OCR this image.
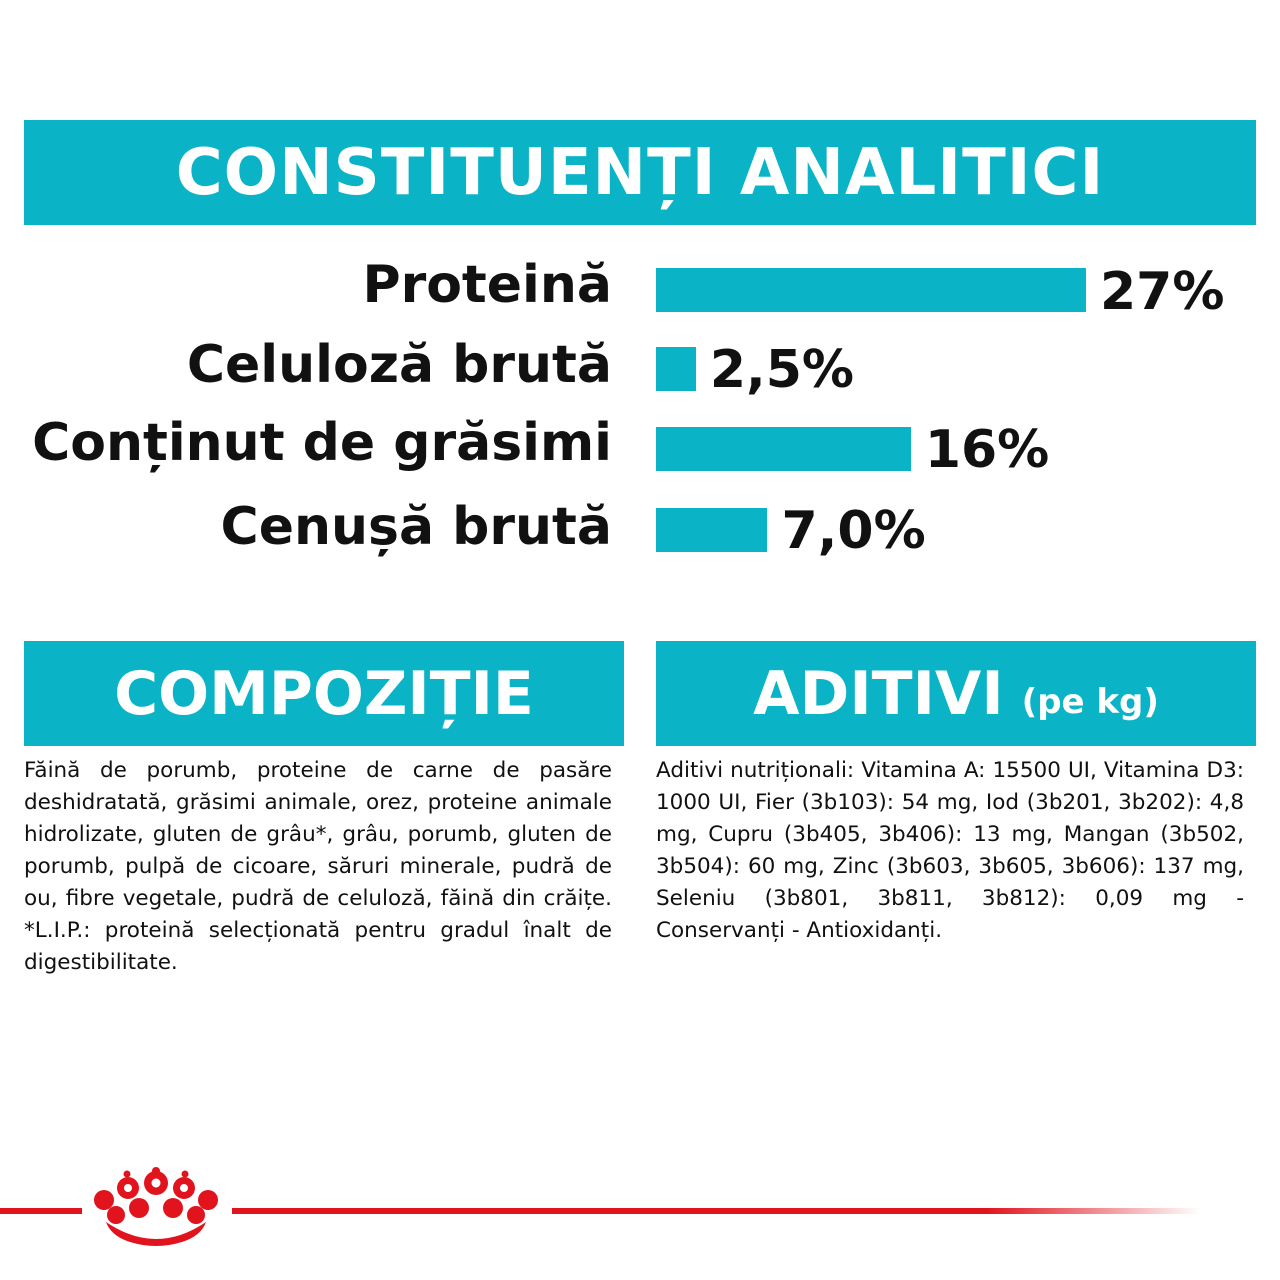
CONSTITUENȚI ANALITICI
Proteină	27%
Celuloză brută 2,5%
Conținut de grăsimi	16%
Cenușă brută	7,0%
COMPOZIȚIE	ADITIVI (pe kg)
Făină de porumb, proteine de carne de pasăre deshidratată, grăsimi animale, orez, proteine animale hidrolizate, gluten de grâu*, grâu, porumb, gluten de porumb, pulpă de cicoare, săruri minerale, pudră de ou, fibre vegetale, pudră de celuloză, făină din crăițe. *L.I.P.: proteină selecționată pentru gradul înalt de digestibilitate.
Aditivi nutriționali: Vitamina A: 15500 UI, Vitamina D3: 1000 UI, Fier (3b103): 54 mg, Iod (3b201, 3b202): 4,8 mg, Cupru (3b405, 3b406): 13 mg, Mangan (3b502, 3b504): 60 mg, Zinc (3b603, 3b605, 3b606): 137 mg, Seleniu (3b801, 3b811, 3b812): 0,09 mg - Conservanți - Antioxidanți.
